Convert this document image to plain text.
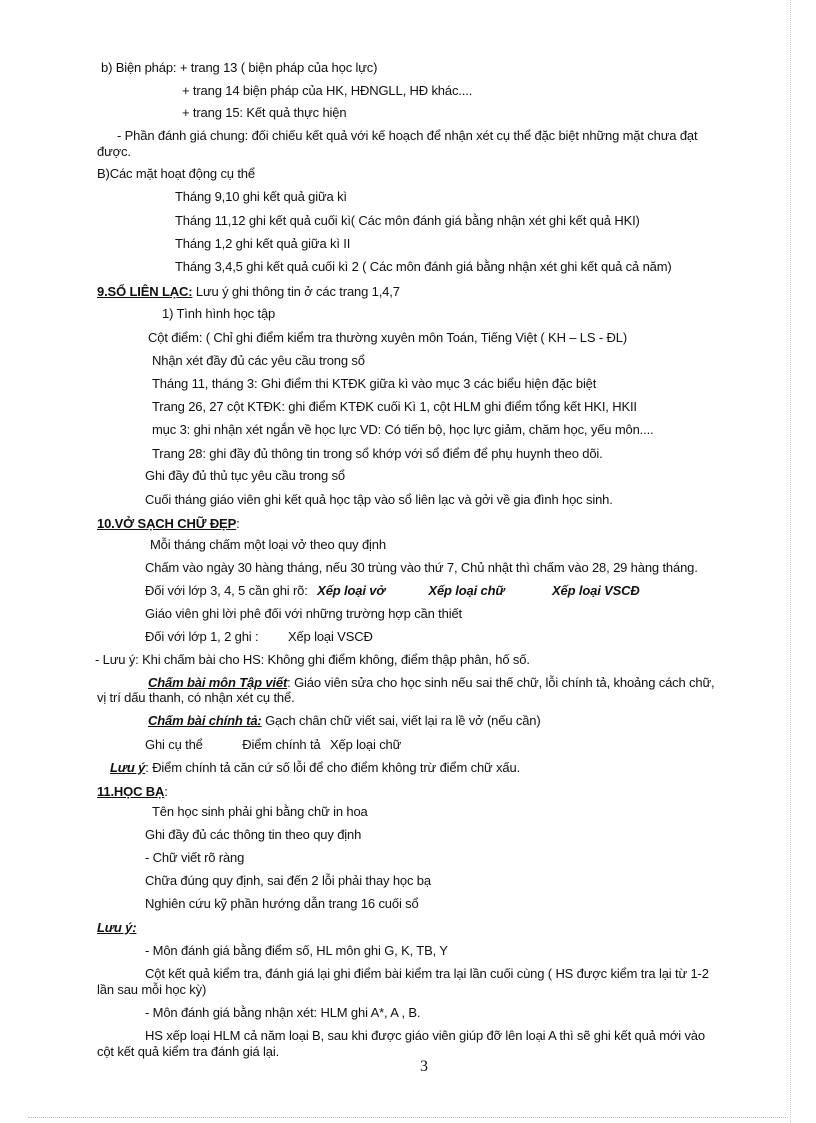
b) Biện pháp: + trang 13 ( biện pháp của học lực)
+ trang 14 biện pháp của HK, HĐNGLL, HĐ khác....
+ trang 15: Kết quả thực hiện
- Phần đánh giá chung: đối chiếu kết quả với kế hoạch để nhận xét cụ thể đặc biệt những mặt chưa đạt
được.
B)Các mặt hoạt động cụ thể
Tháng 9,10 ghi kết quả giữa kì
Tháng 11,12 ghi kết quả cuối kì( Các môn đánh giá bằng nhận xét ghi kết quả HKI)
Tháng 1,2 ghi kết quả giữa kì II
Tháng 3,4,5 ghi kết quả cuối kì 2 ( Các môn đánh giá bằng nhận xét ghi kết quả cả năm)
9.SỔ LIÊN LẠC: Lưu ý ghi thông tin ở các trang 1,4,7
1) Tình hình học tập
Cột điểm: ( Chỉ ghi điểm kiểm tra thường xuyên môn Toán, Tiếng Việt ( KH – LS - ĐL)
Nhận xét đầy đủ các yêu cầu trong sổ
Tháng 11, tháng 3: Ghi điểm thi KTĐK giữa kì vào mục 3 các biểu hiện đặc biệt
Trang 26, 27 cột KTĐK: ghi điểm KTĐK cuối Kì 1, cột HLM ghi điểm tổng kết HKI, HKII
mục 3: ghi nhận xét ngắn về học lực VD: Có tiến bộ, học lực giảm, chăm học, yếu môn....
Trang 28: ghi đầy đủ thông tin trong sổ khớp với sổ điểm để phụ huynh theo dõi.
Ghi đầy đủ thủ tục yêu cầu trong sổ
Cuối tháng giáo viên ghi kết quả học tập vào sổ liên lạc và gởi về gia đình học sinh.
10.VỞ SẠCH CHỮ ĐẸP:
Mỗi tháng chấm một loại vở theo quy định
Chấm vào ngày 30 hàng tháng, nếu 30 trùng vào thứ 7, Chủ nhật thì chấm vào 28, 29 hàng tháng.
Đối với lớp 3, 4, 5 cần ghi rõ: Xếp loại vở	Xếp loại chữ	Xếp loại VSCĐ
Giáo viên ghi lời phê đối với những trường hợp cần thiết
Đối với lớp 1, 2 ghi : Xếp loại VSCĐ
- Lưu ý: Khi chấm bài cho HS: Không ghi điểm không, điểm thập phân, hố số.
Chấm bài môn Tập viết: Giáo viên sửa cho học sinh nếu sai thế chữ, lỗi chính tả, khoảng cách chữ,
vị trí dấu thanh, có nhận xét cụ thể.
Chấm bài chính tả: Gạch chân chữ viết sai, viết lại ra lề vở (nếu cần)
Ghi cụ thể	Điểm chính tả Xếp loại chữ
Lưu ý: Điểm chính tả căn cứ số lỗi để cho điểm không trừ điểm chữ xấu.
11.HỌC BẠ:
Tên học sinh phải ghi bằng chữ in hoa
Ghi đầy đủ các thông tin theo quy định
- Chữ viết rõ ràng
Chữa đúng quy định, sai đến 2 lỗi phải thay học bạ
Nghiên cứu kỹ phần hướng dẫn trang 16 cuối sổ
Lưu ý:
- Môn đánh giá bằng điểm số, HL môn ghi G, K, TB, Y
Cột kết quả kiểm tra, đánh giá lại ghi điểm bài kiểm tra lại lần cuối cùng ( HS được kiểm tra lại từ 1-2
lần sau mỗi học kỳ)
- Môn đánh giá bằng nhận xét: HLM ghi A*, A , B.
HS xếp loại HLM cả năm loại B, sau khi được giáo viên giúp đỡ lên loại A thì sẽ ghi kết quả mới vào
cột kết quả kiểm tra đánh giá lại.
3
